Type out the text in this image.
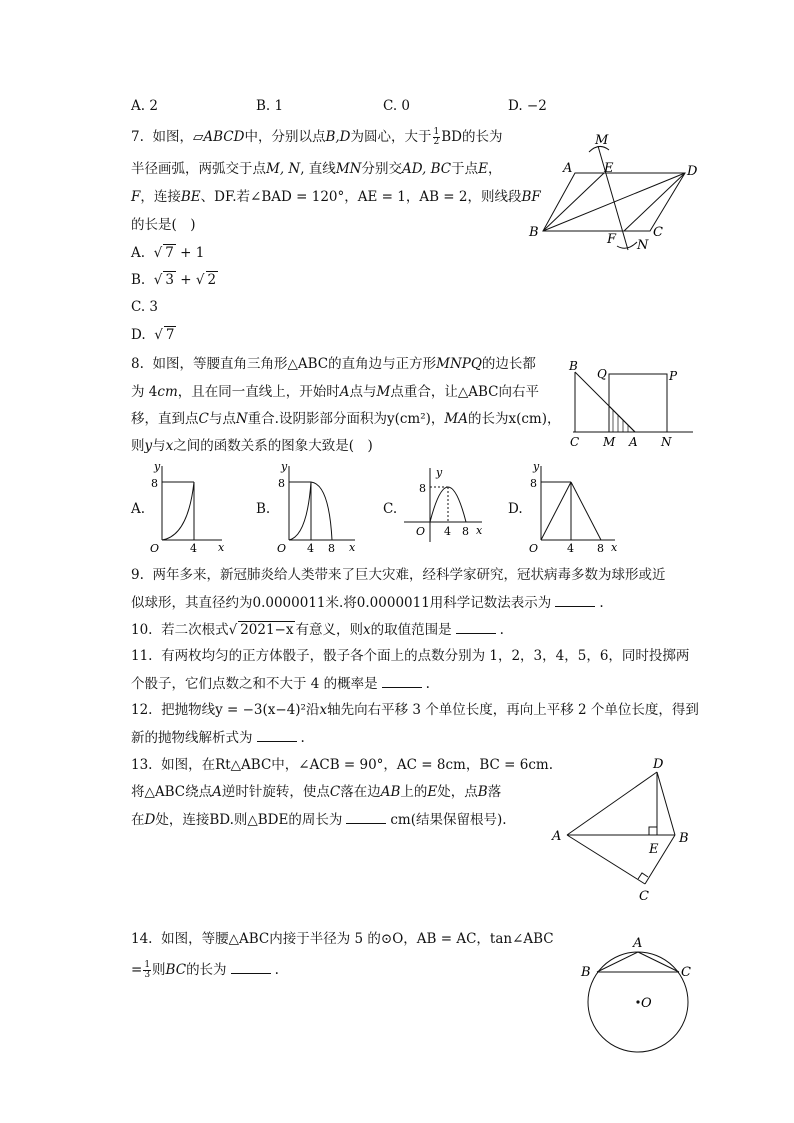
A. 2	B. 1	C. 0	D. −2
7. 如图，▱ABCD中，分别以点B,D为圆心，大于 $\frac{1}{2}$ BD的长为
半径画弧，两弧交于点M, N, 直线MN分别交AD, BC于点E，
F，连接BE、DF.若∠BAD = 120°，AE = 1，AB = 2，则线段BF
的长是(　)
A.  √ 7 + 1
B.  √ 3 + √ 2
C. 3
D.  √ 7
M
A E	D
B	F	C
N
8. 如图，等腰直角三角形△ABC的直角边与正方形MNPQ的边长都
为 4cm，且在同一直线上，开始时A点与M点重合，让△ABC向右平
移，直到点C与点N重合.设阴影部分面积为y(cm²)，MA的长为x(cm)，
则y与x之间的函数关系的图象大致是(　)
B
Q	P
C M A N
A.	B.	C.	D.
y
x
O
8
4
y
x
O
8
4 8
y
x
O
8
4 8
y
x
O
8
4 8
9. 两年多来，新冠肺炎给人类带来了巨大灾难，经科学家研究，冠状病毒多数为球形或近
似球形，其直径约为0.0000011米.将0.0000011用科学记数法表示为	.
10. 若二次根式√ 2021−x 有意义，则x的取值范围是	.
11. 有两枚均匀的正方体骰子，骰子各个面上的点数分别为 1，2，3，4，5，6，同时投掷两
个骰子，它们点数之和不大于 4 的概率是	.
12. 把抛物线y = −3(x−4)²沿x轴先向右平移 3 个单位长度，再向上平移 2 个单位长度，得到
新的抛物线解析式为	.
13. 如图，在Rt△ABC中，∠ACB = 90°，AC = 8cm，BC = 6cm.
将△ABC绕点A逆时针旋转，使点C落在边AB上的E处，点B落
在D处，连接BD.则△BDE的周长为	cm(结果保留根号).
D
A
E
B
C
14. 如图，等腰△ABC内接于半径为 5 的⊙O，AB = AC，tan∠ABC
= $\frac{1}{3}$ 则BC的长为	.
A
B	C
O
